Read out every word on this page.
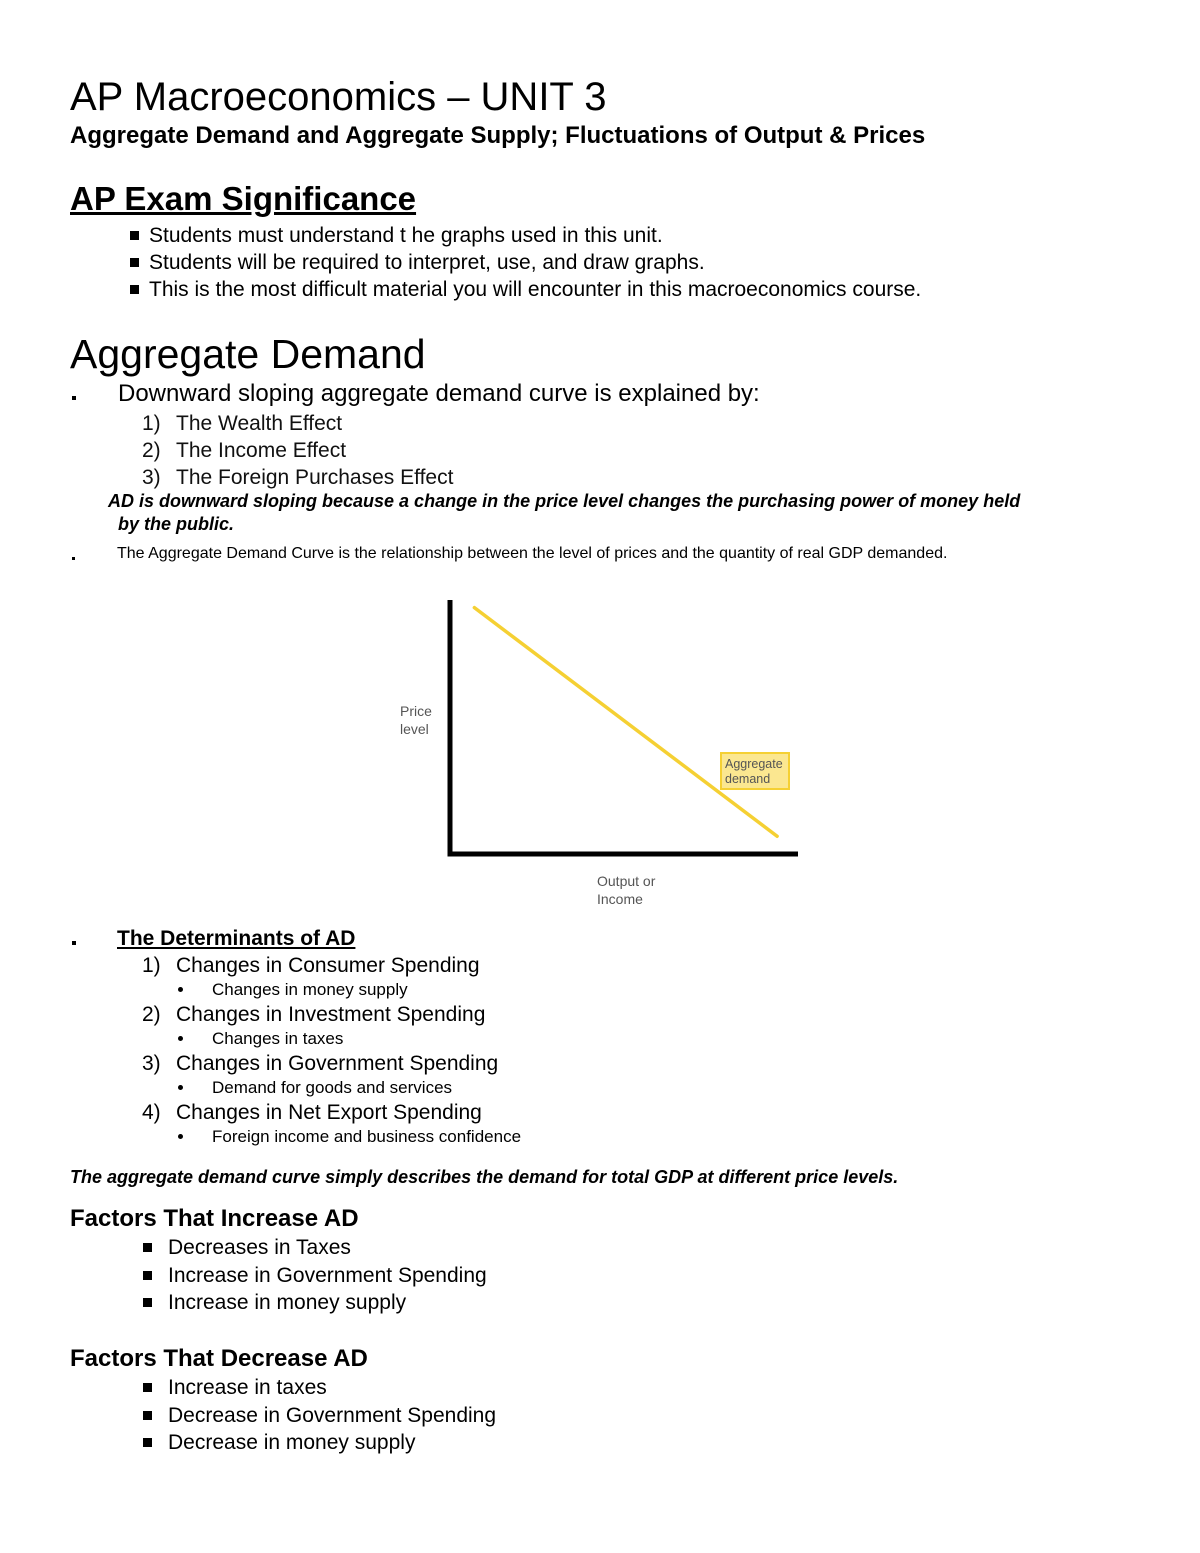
AP Macroeconomics – UNIT 3
Aggregate Demand and Aggregate Supply; Fluctuations of Output & Prices
AP Exam Significance
Students must understand t he graphs used in this unit.
Students will be required to interpret, use, and draw graphs.
This is the most difficult material you will encounter in this macroeconomics course.
Aggregate Demand
Downward sloping aggregate demand curve is explained by:
1) The Wealth Effect
2) The Income Effect
3) The Foreign Purchases Effect
AD is downward sloping because a change in the price level changes the purchasing power of money held
by the public.
The Aggregate Demand Curve is the relationship between the level of prices and the quantity of real GDP demanded.
Price
level
Output or
Income
Aggregate
demand
The Determinants of AD
1) Changes in Consumer Spending
Changes in money supply
2) Changes in Investment Spending
Changes in taxes
3) Changes in Government Spending
Demand for goods and services
4) Changes in Net Export Spending
Foreign income and business confidence
The aggregate demand curve simply describes the demand for total GDP at different price levels.
Factors That Increase AD
Decreases in Taxes
Increase in Government Spending
Increase in money supply
Factors That Decrease AD
Increase in taxes
Decrease in Government Spending
Decrease in money supply
